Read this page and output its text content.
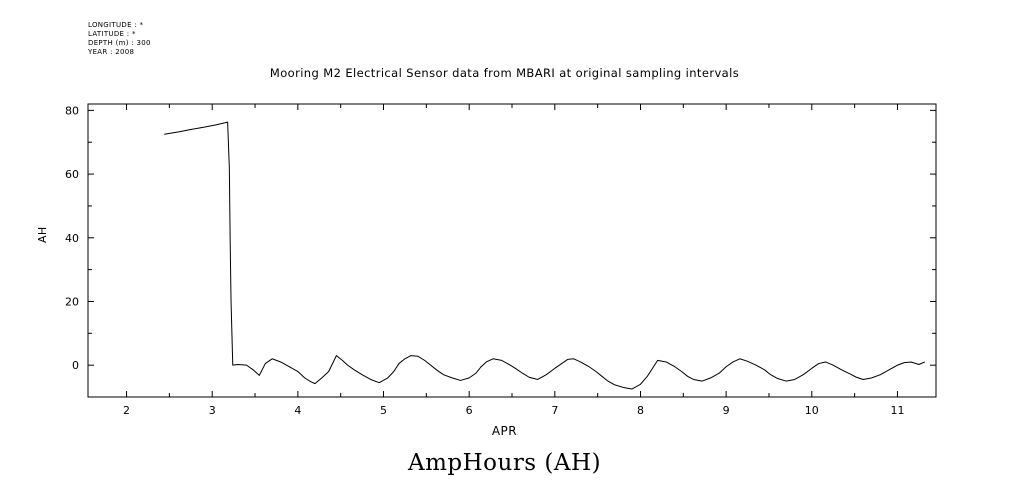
LONGITUDE : *
LATITUDE : *
DEPTH (m) : 300
YEAR : 2008
Mooring M2 Electrical Sensor data from MBARI at original sampling intervals
2	3	4	5	6	7	8	9	10	11
0
20
40
60
80
AH
APR
AmpHours (AH)
